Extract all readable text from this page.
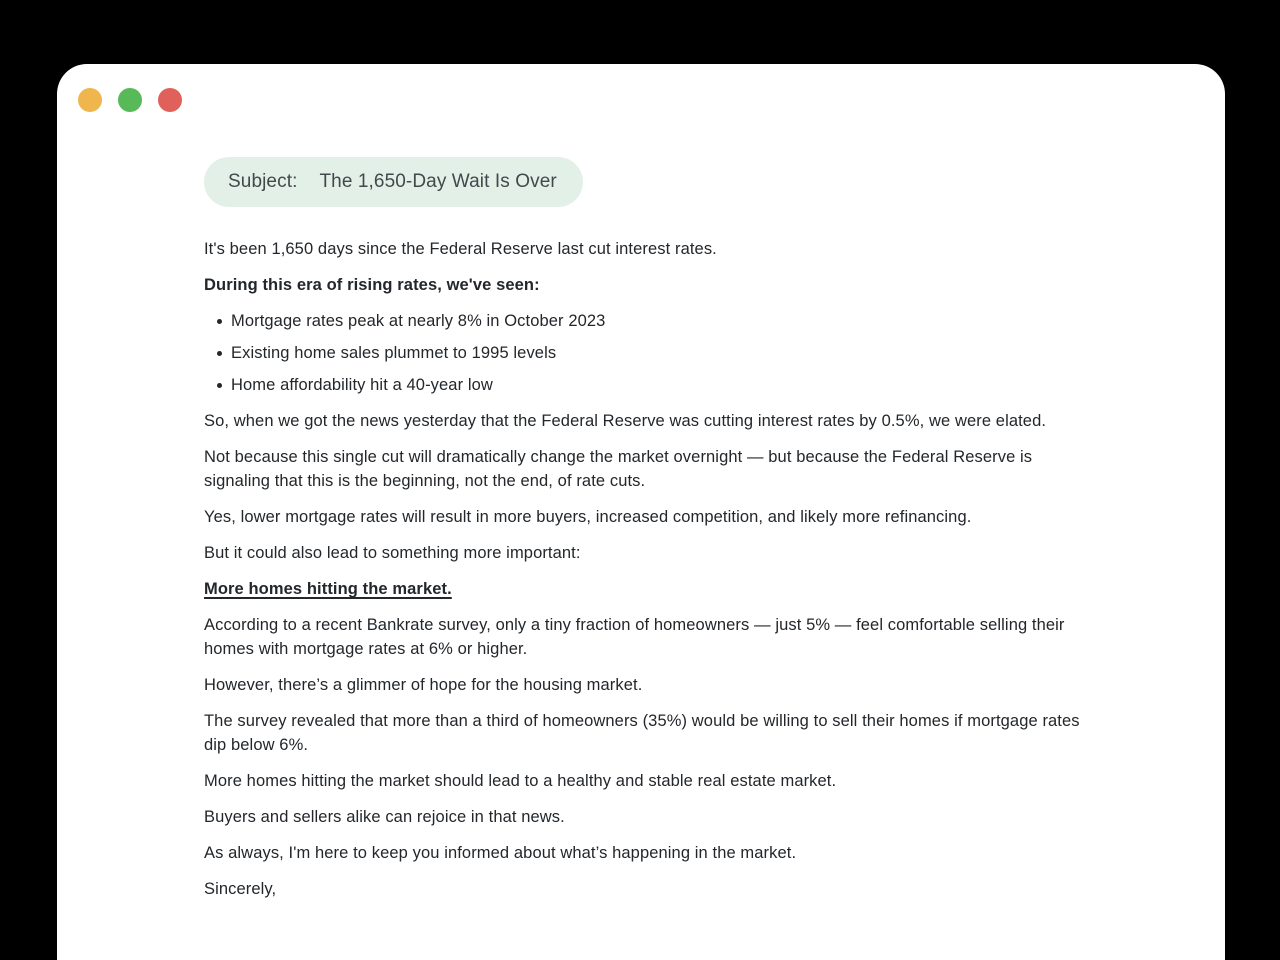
Subject: The 1,650-Day Wait Is Over

It's been 1,650 days since the Federal Reserve last cut interest rates.

During this era of rising rates, we've seen:

Mortgage rates peak at nearly 8% in October 2023
Existing home sales plummet to 1995 levels
Home affordability hit a 40-year low

So, when we got the news yesterday that the Federal Reserve was cutting interest rates by 0.5%, we were elated.

Not because this single cut will dramatically change the market overnight — but because the Federal Reserve is signaling that this is the beginning, not the end, of rate cuts.

Yes, lower mortgage rates will result in more buyers, increased competition, and likely more refinancing.

But it could also lead to something more important:

More homes hitting the market.

According to a recent Bankrate survey, only a tiny fraction of homeowners — just 5% — feel comfortable selling their homes with mortgage rates at 6% or higher.

However, there’s a glimmer of hope for the housing market.

The survey revealed that more than a third of homeowners (35%) would be willing to sell their homes if mortgage rates dip below 6%.

More homes hitting the market should lead to a healthy and stable real estate market.

Buyers and sellers alike can rejoice in that news.

As always, I'm here to keep you informed about what’s happening in the market.

Sincerely,
